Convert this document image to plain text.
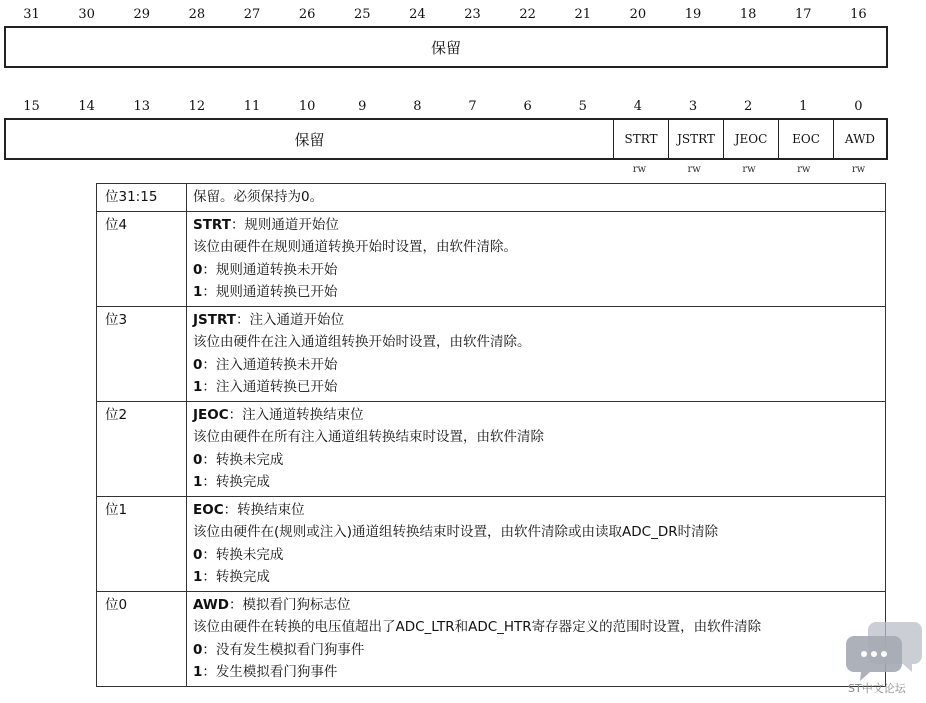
31	30	29	28	27	26	25	24	23	22	21	20	19	18	17	16
保留
15	14	13	12	11	10	9	8	7	6	5	4	3	2	1	0
保留	STRT	JSTRT	JEOC	EOC	AWD
rw	rw	rw	rw	rw
位31:15	保留。必须保持为0。

位4	STRT：规则通道开始位
该位由硬件在规则通道转换开始时设置，由软件清除。
0：规则通道转换未开始
1：规则通道转换已开始

位3	JSTRT：注入通道开始位
该位由硬件在注入通道组转换开始时设置，由软件清除。
0：注入通道转换未开始
1：注入通道转换已开始

位2	JEOC：注入通道转换结束位
该位由硬件在所有注入通道组转换结束时设置，由软件清除
0：转换未完成
1：转换完成

位1	EOC：转换结束位
该位由硬件在(规则或注入)通道组转换结束时设置，由软件清除或由读取ADC_DR时清除
0：转换未完成
1：转换完成

位0	AWD：模拟看门狗标志位
该位由硬件在转换的电压值超出了ADC_LTR和ADC_HTR寄存器定义的范围时设置，由软件清除
0：没有发生模拟看门狗事件
1：发生模拟看门狗事件
ST中文论坛
